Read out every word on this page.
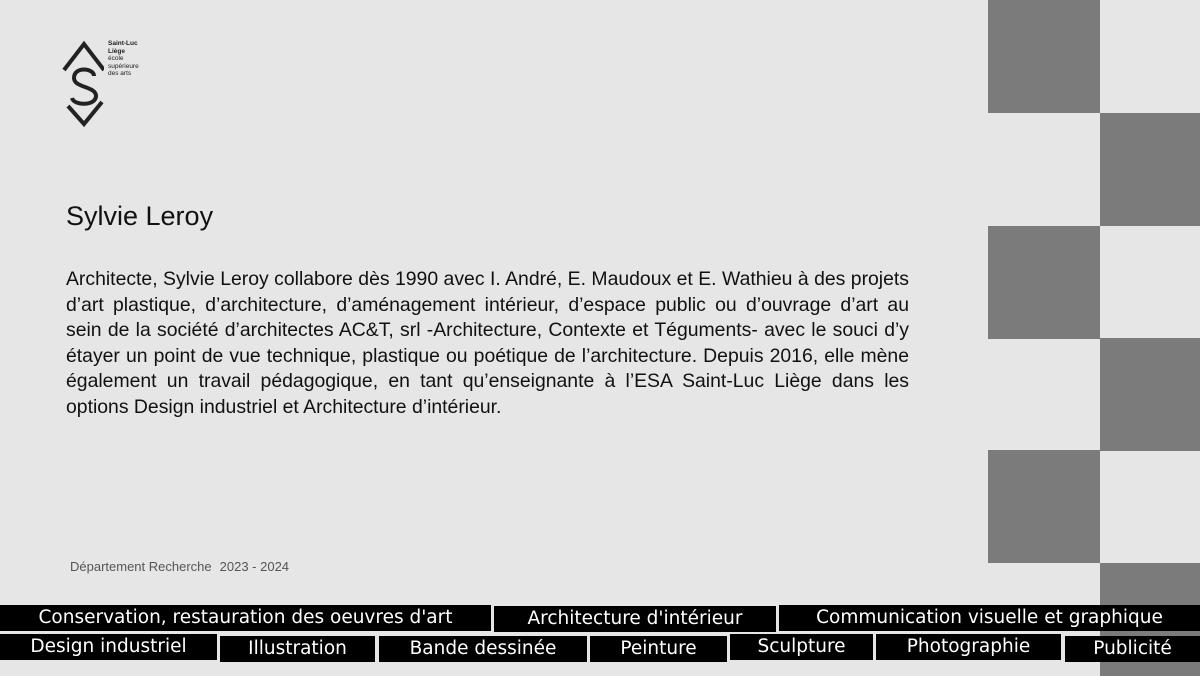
Saint-Luc
Liège
école
supérieure
des arts
Sylvie Leroy

Architecte, Sylvie Leroy collabore dès 1990 avec I. André, E. Maudoux et E. Wathieu à des projets d’art plastique, d’architecture, d’aménagement intérieur, d’espace public ou d’ouvrage d’art au sein de la société d’architectes AC&T, srl -Architecture, Contexte et Téguments- avec le souci d’y étayer un point de vue technique, plastique ou poétique de l’architecture. Depuis 2016, elle mène également un travail pédagogique, en tant qu’enseignante à l’ESA Saint-Luc Liège dans les options Design industriel et Architecture d’intérieur.

Département Recherche 2023 - 2024
Conservation, restauration des oeuvres d'art	Architecture d'intérieur	Communication visuelle et graphique
Design industriel	Illustration	Bande dessinée	Peinture	Sculpture	Photographie	Publicité
